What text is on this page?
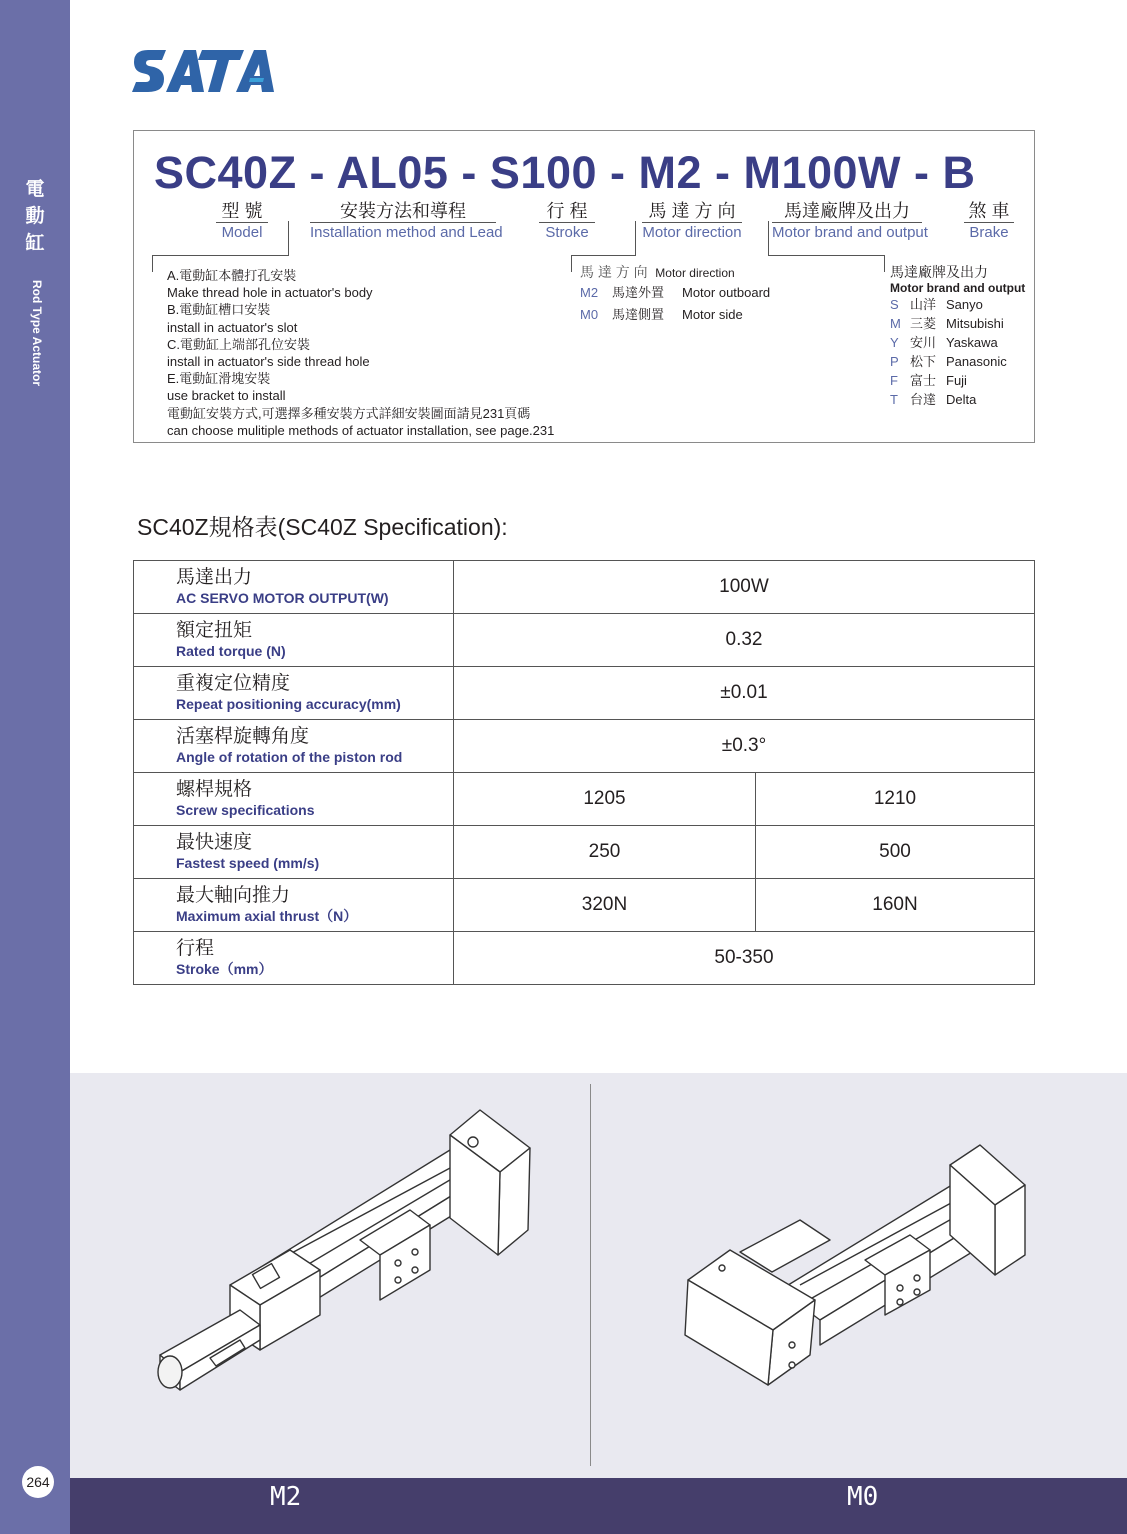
電
動
缸
Rod Type Actuator
264
SC40Z - AL05 - S100 - M2 - M100W - B
型 號
Model
安裝方法和導程
Installation method and Lead
行 程
Stroke
馬 達 方 向
Motor direction
馬達廠牌及出力
Motor brand and output
煞 車
Brake
A.電動缸本體打孔安裝
Make thread hole in actuator's body
B.電動缸槽口安裝
install in actuator's slot
C.電動缸上端部孔位安裝
install in actuator's side thread hole
E.電動缸滑塊安裝
use bracket to install
電動缸安裝方式,可選擇多種安裝方式詳細安裝圖面請見231頁碼
can choose mulitiple methods of actuator installation, see page.231
馬 達 方 向 Motor direction
M2 馬達外置 Motor outboard
M0 馬達側置 Motor side
馬達廠牌及出力
Motor brand and output
S 山洋 Sanyo
M 三菱 Mitsubishi
Y 安川 Yaskawa
P 松下 Panasonic
F 富士 Fuji
T 台達 Delta
SC40Z規格表(SC40Z Specification):
馬達出力
AC SERVO MOTOR OUTPUT(W)	100W	

額定扭矩
Rated torque (N)	0.32	

重複定位精度
Repeat positioning accuracy(mm)	±0.01	

活塞桿旋轉角度
Angle of rotation of the piston rod	±0.3°	

螺桿規格
Screw specifications	1205	1210

最快速度
Fastest speed (mm/s)	250	500

最大軸向推力
Maximum axial thrust（N）	320N	160N

行程
Stroke（mm）	50-350	
M2	M0
